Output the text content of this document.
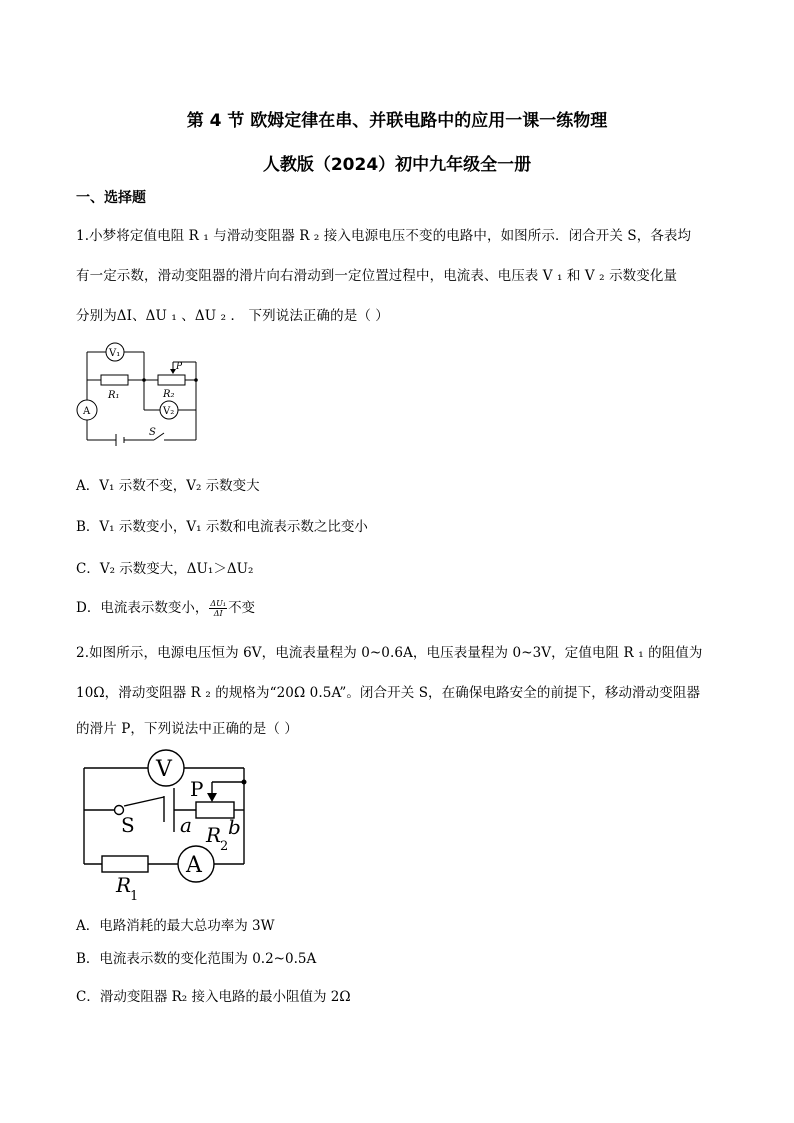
第 4 节 欧姆定律在串、并联电路中的应用一课一练物理
人教版（2024）初中九年级全一册
一、选择题
1.小梦将定值电阻 R ₁ 与滑动变阻器 R ₂ 接入电源电压不变的电路中，如图所示．闭合开关 S，各表均
有一定示数，滑动变阻器的滑片向右滑动到一定位置过程中，电流表、电压表 V ₁ 和 V ₂ 示数变化量
分别为ΔI、ΔU ₁ 、ΔU ₂ ． 下列说法正确的是（ ）
V₁
V₂
A
P
R₁	R₂
S
A．V₁ 示数不变，V₂ 示数变大
B．V₁ 示数变小，V₁ 示数和电流表示数之比变小
C．V₂ 示数变大，ΔU₁＞ΔU₂
D．电流表示数变小， $\frac{\text{ΔU₁}}{\Delta I}$ 不变
2.如图所示，电源电压恒为 6V，电流表量程为 0~0.6A，电压表量程为 0~3V，定值电阻 R ₁ 的阻值为
10Ω，滑动变阻器 R ₂ 的规格为“20Ω 0.5A”。闭合开关 S，在确保电路安全的前提下，移动滑动变阻器
的滑片 P，下列说法中正确的是（ ）
V
A
P
S a b
R
2
R
1
A．电路消耗的最大总功率为 3W
B．电流表示数的变化范围为 0.2~0.5A
C．滑动变阻器 R₂ 接入电路的最小阻值为 2Ω
